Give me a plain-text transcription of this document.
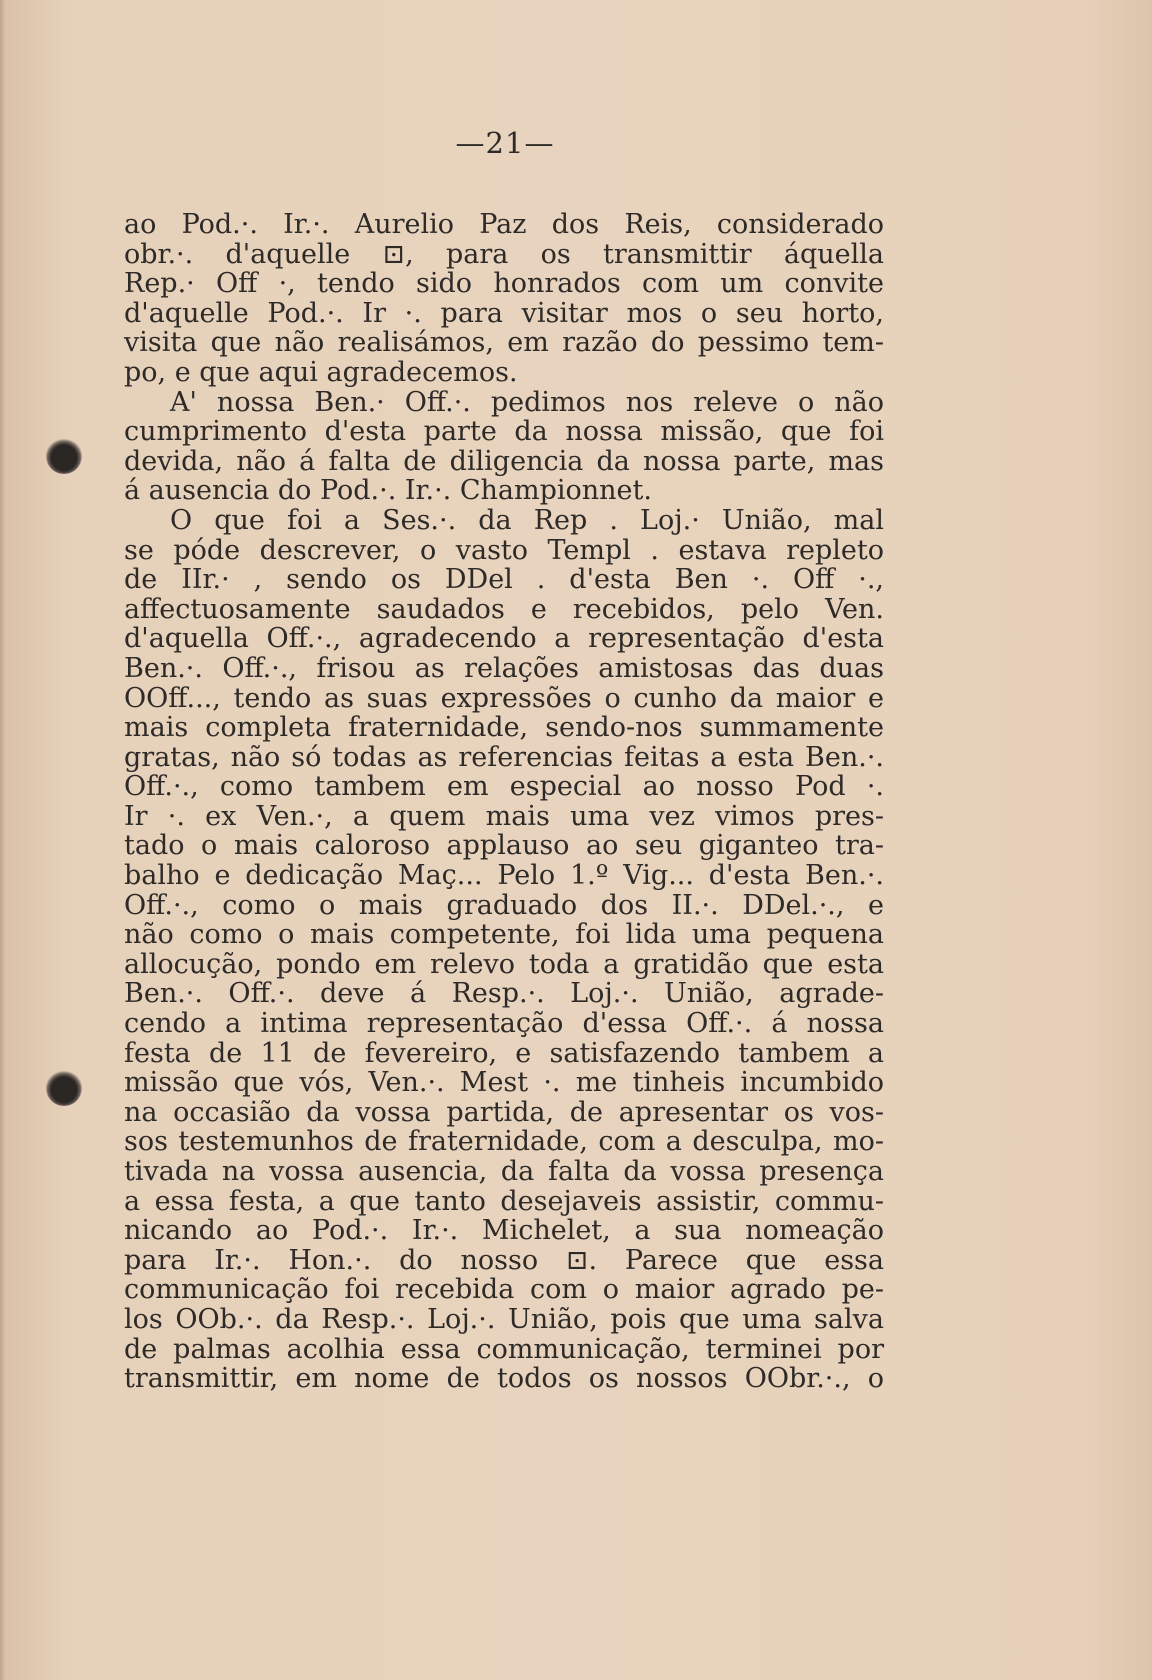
—21—
ao Pod.·. Ir.·. Aurelio Paz dos Reis, considerado
obr.·. d'aquelle ⊡, para os transmittir áquella
Rep.· Off ·, tendo sido honrados com um convite
d'aquelle Pod.·. Ir ·. para visitar mos o seu horto,
visita que não realisámos, em razão do pessimo tem-
po, e que aqui agradecemos.
A' nossa Ben.· Off.·. pedimos nos releve o não
cumprimento d'esta parte da nossa missão, que foi
devida, não á falta de diligencia da nossa parte, mas
á ausencia do Pod.·. Ir.·. Championnet.
O que foi a Ses.·. da Rep . Loj.· União, mal
se póde descrever, o vasto Templ . estava repleto
de IIr.· , sendo os DDel . d'esta Ben ·. Off ·.,
affectuosamente saudados e recebidos, pelo Ven.
d'aquella Off.·., agradecendo a representação d'esta
Ben.·. Off.·., frisou as relações amistosas das duas
OOff..., tendo as suas expressões o cunho da maior e
mais completa fraternidade, sendo-nos summamente
gratas, não só todas as referencias feitas a esta Ben.·.
Off.·., como tambem em especial ao nosso Pod ·.
Ir ·. ex Ven.·, a quem mais uma vez vimos pres-
tado o mais caloroso applauso ao seu giganteo tra-
balho e dedicação Maç... Pelo 1.º Vig... d'esta Ben.·.
Off.·., como o mais graduado dos II.·. DDel.·., e
não como o mais competente, foi lida uma pequena
allocução, pondo em relevo toda a gratidão que esta
Ben.·. Off.·. deve á Resp.·. Loj.·. União, agrade-
cendo a intima representação d'essa Off.·. á nossa
festa de 11 de fevereiro, e satisfazendo tambem a
missão que vós, Ven.·. Mest ·. me tinheis incumbido
na occasião da vossa partida, de apresentar os vos-
sos testemunhos de fraternidade, com a desculpa, mo-
tivada na vossa ausencia, da falta da vossa presença
a essa festa, a que tanto desejaveis assistir, commu-
nicando ao Pod.·. Ir.·. Michelet, a sua nomeação
para Ir.·. Hon.·. do nosso ⊡. Parece que essa
communicação foi recebida com o maior agrado pe-
los OOb.·. da Resp.·. Loj.·. União, pois que uma salva
de palmas acolhia essa communicação, terminei por
transmittir, em nome de todos os nossos OObr.·., o
